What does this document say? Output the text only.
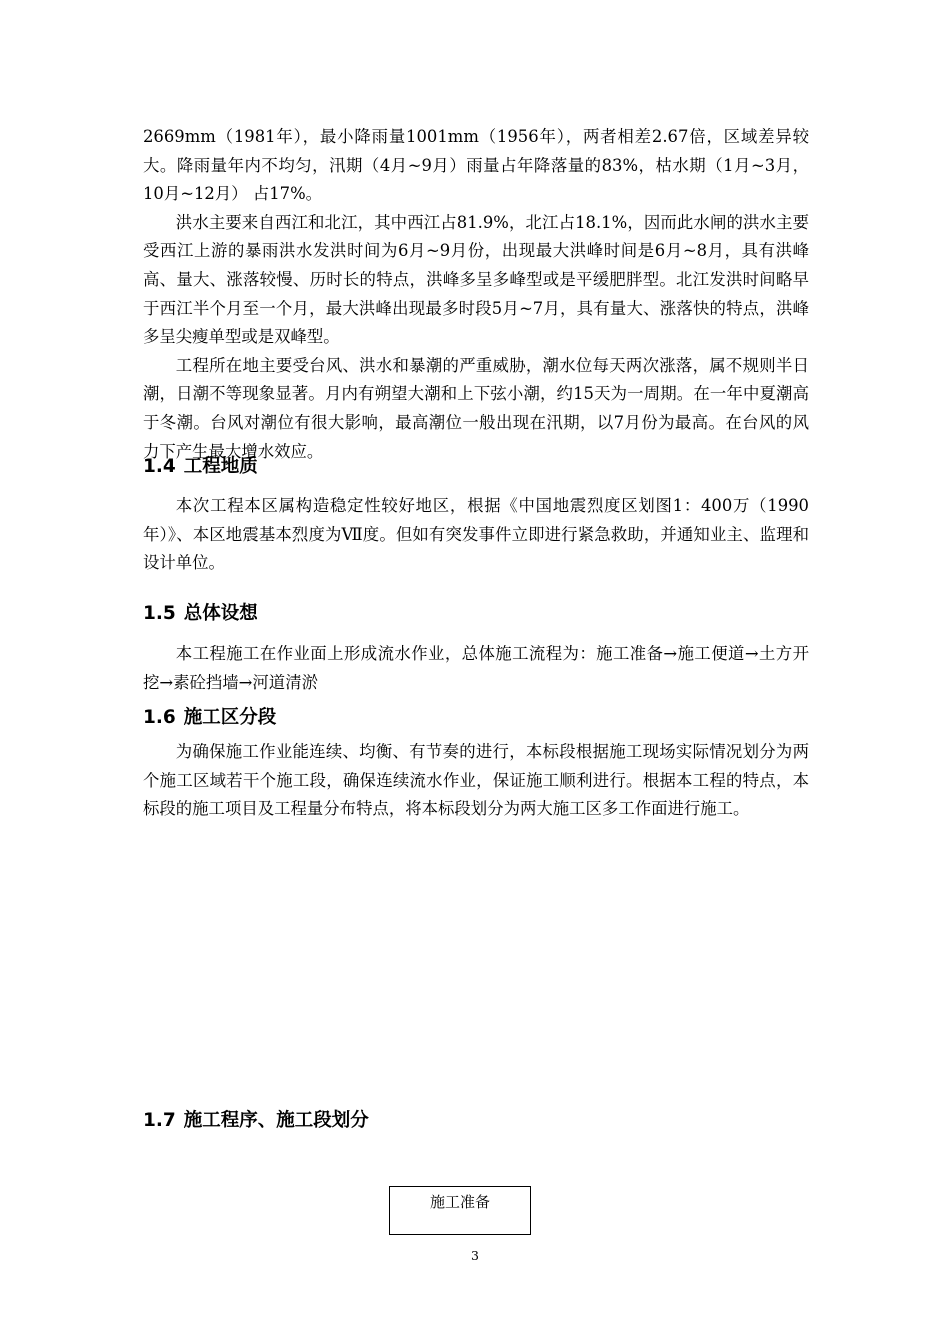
2669mm（1981年），最小降雨量1001mm（1956年），两者相差2.67倍，区域差异较大。降雨量年内不均匀，汛期（4月~9月）雨量占年降落量的83%，枯水期（1月~3月，10月~12月） 占17%。

洪水主要来自西江和北江，其中西江占81.9%，北江占18.1%，因而此水闸的洪水主要受西江上游的暴雨洪水发洪时间为6月~9月份，出现最大洪峰时间是6月~8月，具有洪峰高、量大、涨落较慢、历时长的特点，洪峰多呈多峰型或是平缓肥胖型。北江发洪时间略早于西江半个月至一个月，最大洪峰出现最多时段5月~7月，具有量大、涨落快的特点，洪峰多呈尖瘦单型或是双峰型。

工程所在地主要受台风、洪水和暴潮的严重威胁，潮水位每天两次涨落，属不规则半日潮，日潮不等现象显著。月内有朔望大潮和上下弦小潮，约15天为一周期。在一年中夏潮高于冬潮。台风对潮位有很大影响，最高潮位一般出现在汛期，以7月份为最高。在台风的风力下产生最大增水效应。

1.4 工程地质

本次工程本区属构造稳定性较好地区，根据《中国地震烈度区划图1：400万（1990年）》、本区地震基本烈度为Ⅶ度。但如有突发事件立即进行紧急救助，并通知业主、监理和设计单位。

1.5 总体设想

本工程施工在作业面上形成流水作业，总体施工流程为：施工准备→施工便道→土方开挖→素砼挡墙→河道清淤

1.6 施工区分段

为确保施工作业能连续、均衡、有节奏的进行，本标段根据施工现场实际情况划分为两个施工区域若干个施工段，确保连续流水作业，保证施工顺利进行。根据本工程的特点，本标段的施工项目及工程量分布特点，将本标段划分为两大施工区多工作面进行施工。

1.7 施工程序、施工段划分
施工准备
3
